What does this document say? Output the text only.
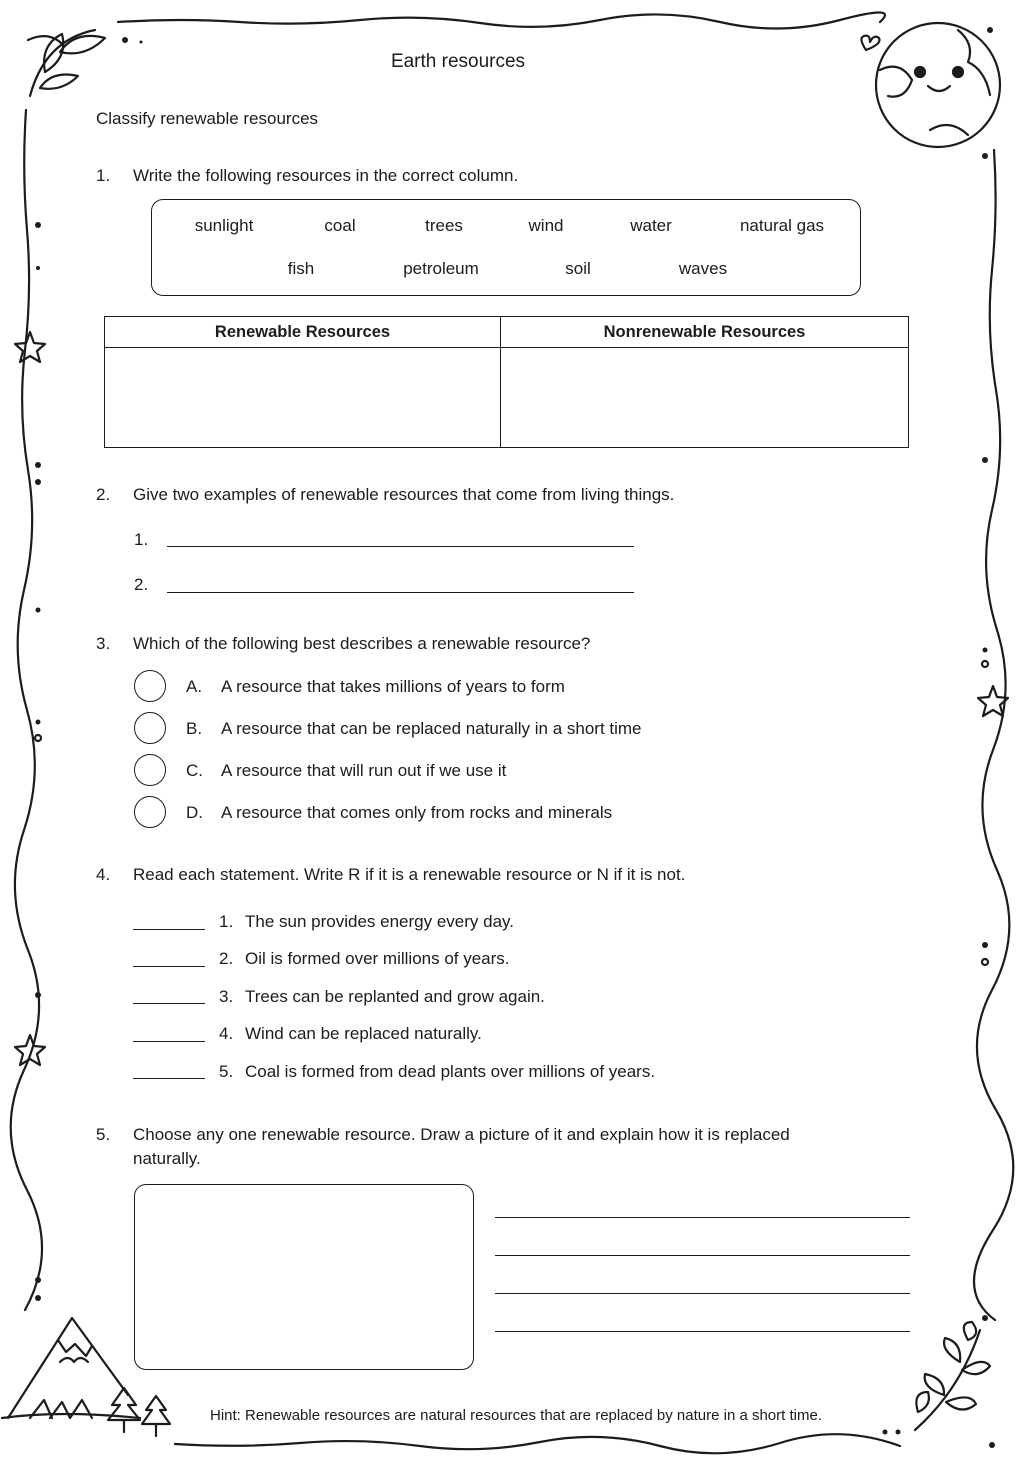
Earth resources
Classify renewable resources
1. Write the following resources in the correct column.
sunlight	coal	trees	wind	water	natural gas
fish	petroleum	soil	waves
Renewable Resources	Nonrenewable Resources

2. Give two examples of renewable resources that come from living things.
1.
2.
3. Which of the following best describes a renewable resource?
A. A resource that takes millions of years to form
B. A resource that can be replaced naturally in a short time
C. A resource that will run out if we use it
D. A resource that comes only from rocks and minerals
4. Read each statement. Write R if it is a renewable resource or N if it is not.
1. The sun provides energy every day.
2. Oil is formed over millions of years.
3. Trees can be replanted and grow again.
4. Wind can be replaced naturally.
5. Coal is formed from dead plants over millions of years.
5. Choose any one renewable resource. Draw a picture of it and explain how it is replaced
naturally.
Hint: Renewable resources are natural resources that are replaced by nature in a short time.
